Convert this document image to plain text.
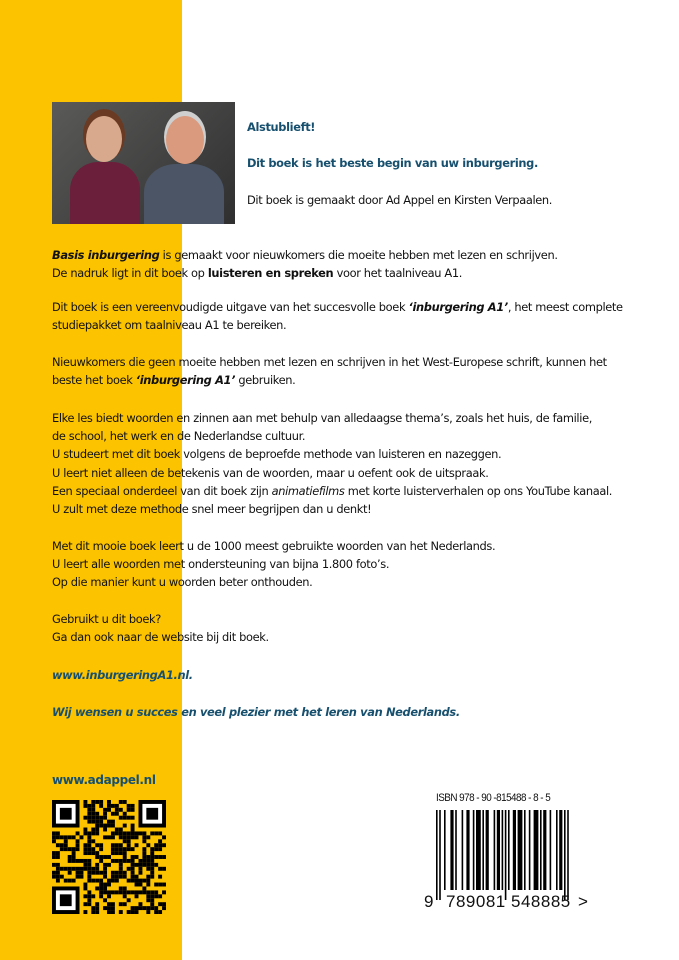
Alstublieft!
Dit boek is het beste begin van uw inburgering.
Dit boek is gemaakt door Ad Appel en Kirsten Verpaalen.
Basis inburgering is gemaakt voor nieuwkomers die moeite hebben met lezen en schrijven.
De nadruk ligt in dit boek op luisteren en spreken voor het taalniveau A1.
Dit boek is een vereenvoudigde uitgave van het succesvolle boek ‘inburgering A1’, het meest complete
studiepakket om taalniveau A1 te bereiken.
Nieuwkomers die geen moeite hebben met lezen en schrijven in het West-Europese schrift, kunnen het
beste het boek ‘inburgering A1’ gebruiken.
Elke les biedt woorden en zinnen aan met behulp van alledaagse thema’s, zoals het huis, de familie,
de school, het werk en de Nederlandse cultuur.
U studeert met dit boek volgens de beproefde methode van luisteren en nazeggen.
U leert niet alleen de betekenis van de woorden, maar u oefent ook de uitspraak.
Een speciaal onderdeel van dit boek zijn animatiefilms met korte luisterverhalen op ons YouTube kanaal.
U zult met deze methode snel meer begrijpen dan u denkt!
Met dit mooie boek leert u de 1000 meest gebruikte woorden van het Nederlands.
U leert alle woorden met ondersteuning van bijna 1.800 foto’s.
Op die manier kunt u woorden beter onthouden.
Gebruikt u dit boek?
Ga dan ook naar de website bij dit boek.
www.inburgeringA1.nl.
Wij wensen u succes en veel plezier met het leren van Nederlands.
www.adappel.nl
ISBN 978 - 90 -815488 - 8 - 5
9 789081 548885 >
